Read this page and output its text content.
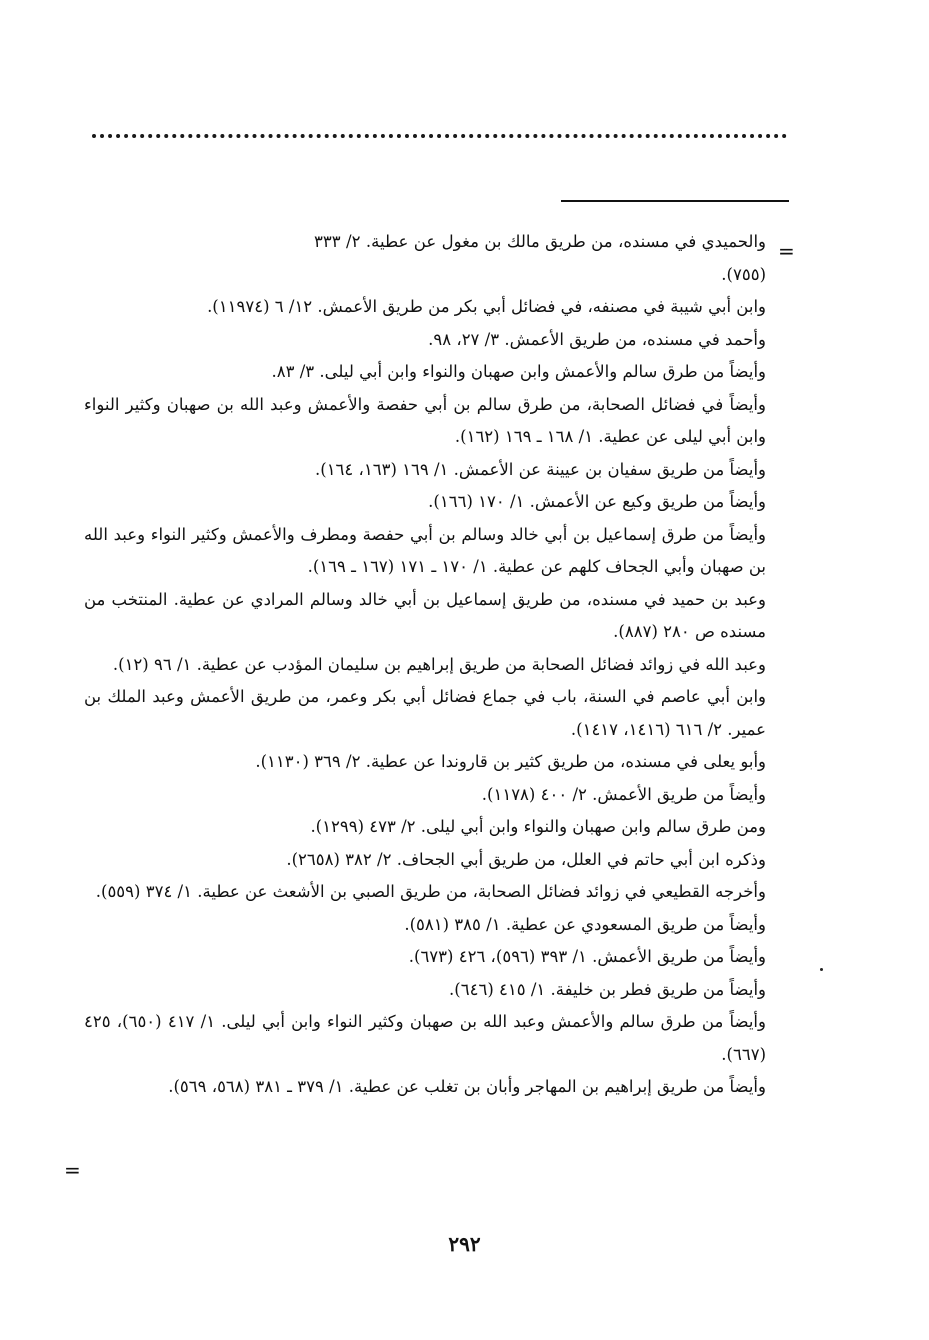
=
والحميدي في مسنده، من طريق مالك بن مغول عن عطية. ٢/ ٣٣٣ (٧٥٥).
وابن أبي شيبة في مصنفه، في فضائل أبي بكر من طريق الأعمش. ١٢/ ٦ (١١٩٧٤).
وأحمد في مسنده، من طريق الأعمش. ٣/ ٢٧، ٩٨.
وأيضاً من طرق سالم والأعمش وابن صهبان والنواء وابن أبي ليلى. ٣/ ٨٣.
وأيضاً في فضائل الصحابة، من طرق سالم بن أبي حفصة والأعمش وعبد الله بن صهبان وكثير النواء وابن أبي ليلى عن عطية. ١/ ١٦٨ ـ ١٦٩ (١٦٢).
وأيضاً من طريق سفيان بن عيينة عن الأعمش. ١/ ١٦٩ (١٦٣، ١٦٤).
وأيضاً من طريق وكيع عن الأعمش. ١/ ١٧٠ (١٦٦).
وأيضاً من طرق إسماعيل بن أبي خالد وسالم بن أبي حفصة ومطرف والأعمش وكثير النواء وعبد الله بن صهبان وأبي الجحاف كلهم عن عطية. ١/ ١٧٠ ـ ١٧١ (١٦٧ ـ ١٦٩).
وعبد بن حميد في مسنده، من طريق إسماعيل بن أبي خالد وسالم المرادي عن عطية. المنتخب من مسنده ص ٢٨٠ (٨٨٧).
وعبد الله في زوائد فضائل الصحابة من طريق إبراهيم بن سليمان المؤدب عن عطية. ١/ ٩٦ (١٢).
وابن أبي عاصم في السنة، باب في جماع فضائل أبي بكر وعمر، من طريق الأعمش وعبد الملك بن عمير. ٢/ ٦١٦ (١٤١٦، ١٤١٧).
وأبو يعلى في مسنده، من طريق كثير بن قاروندا عن عطية. ٢/ ٣٦٩ (١١٣٠).
وأيضاً من طريق الأعمش. ٢/ ٤٠٠ (١١٧٨).
ومن طرق سالم وابن صهبان والنواء وابن أبي ليلى. ٢/ ٤٧٣ (١٢٩٩).
وذكره ابن أبي حاتم في العلل، من طريق أبي الجحاف. ٢/ ٣٨٢ (٢٦٥٨).
وأخرجه القطيعي في زوائد فضائل الصحابة، من طريق الصبي بن الأشعث عن عطية. ١/ ٣٧٤ (٥٥٩).
وأيضاً من طريق المسعودي عن عطية. ١/ ٣٨٥ (٥٨١).
وأيضاً من طريق الأعمش. ١/ ٣٩٣ (٥٩٦)، ٤٢٦ (٦٧٣).
وأيضاً من طريق فطر بن خليفة. ١/ ٤١٥ (٦٤٦).
وأيضاً من طرق سالم والأعمش وعبد الله بن صهبان وكثير النواء وابن أبي ليلى. ١/ ٤١٧ (٦٥٠)، ٤٢٥ (٦٦٧).
وأيضاً من طريق إبراهيم بن المهاجر وأبان بن تغلب عن عطية. ١/ ٣٧٩ ـ ٣٨١ (٥٦٨، ٥٦٩).
=
٢٩٢
